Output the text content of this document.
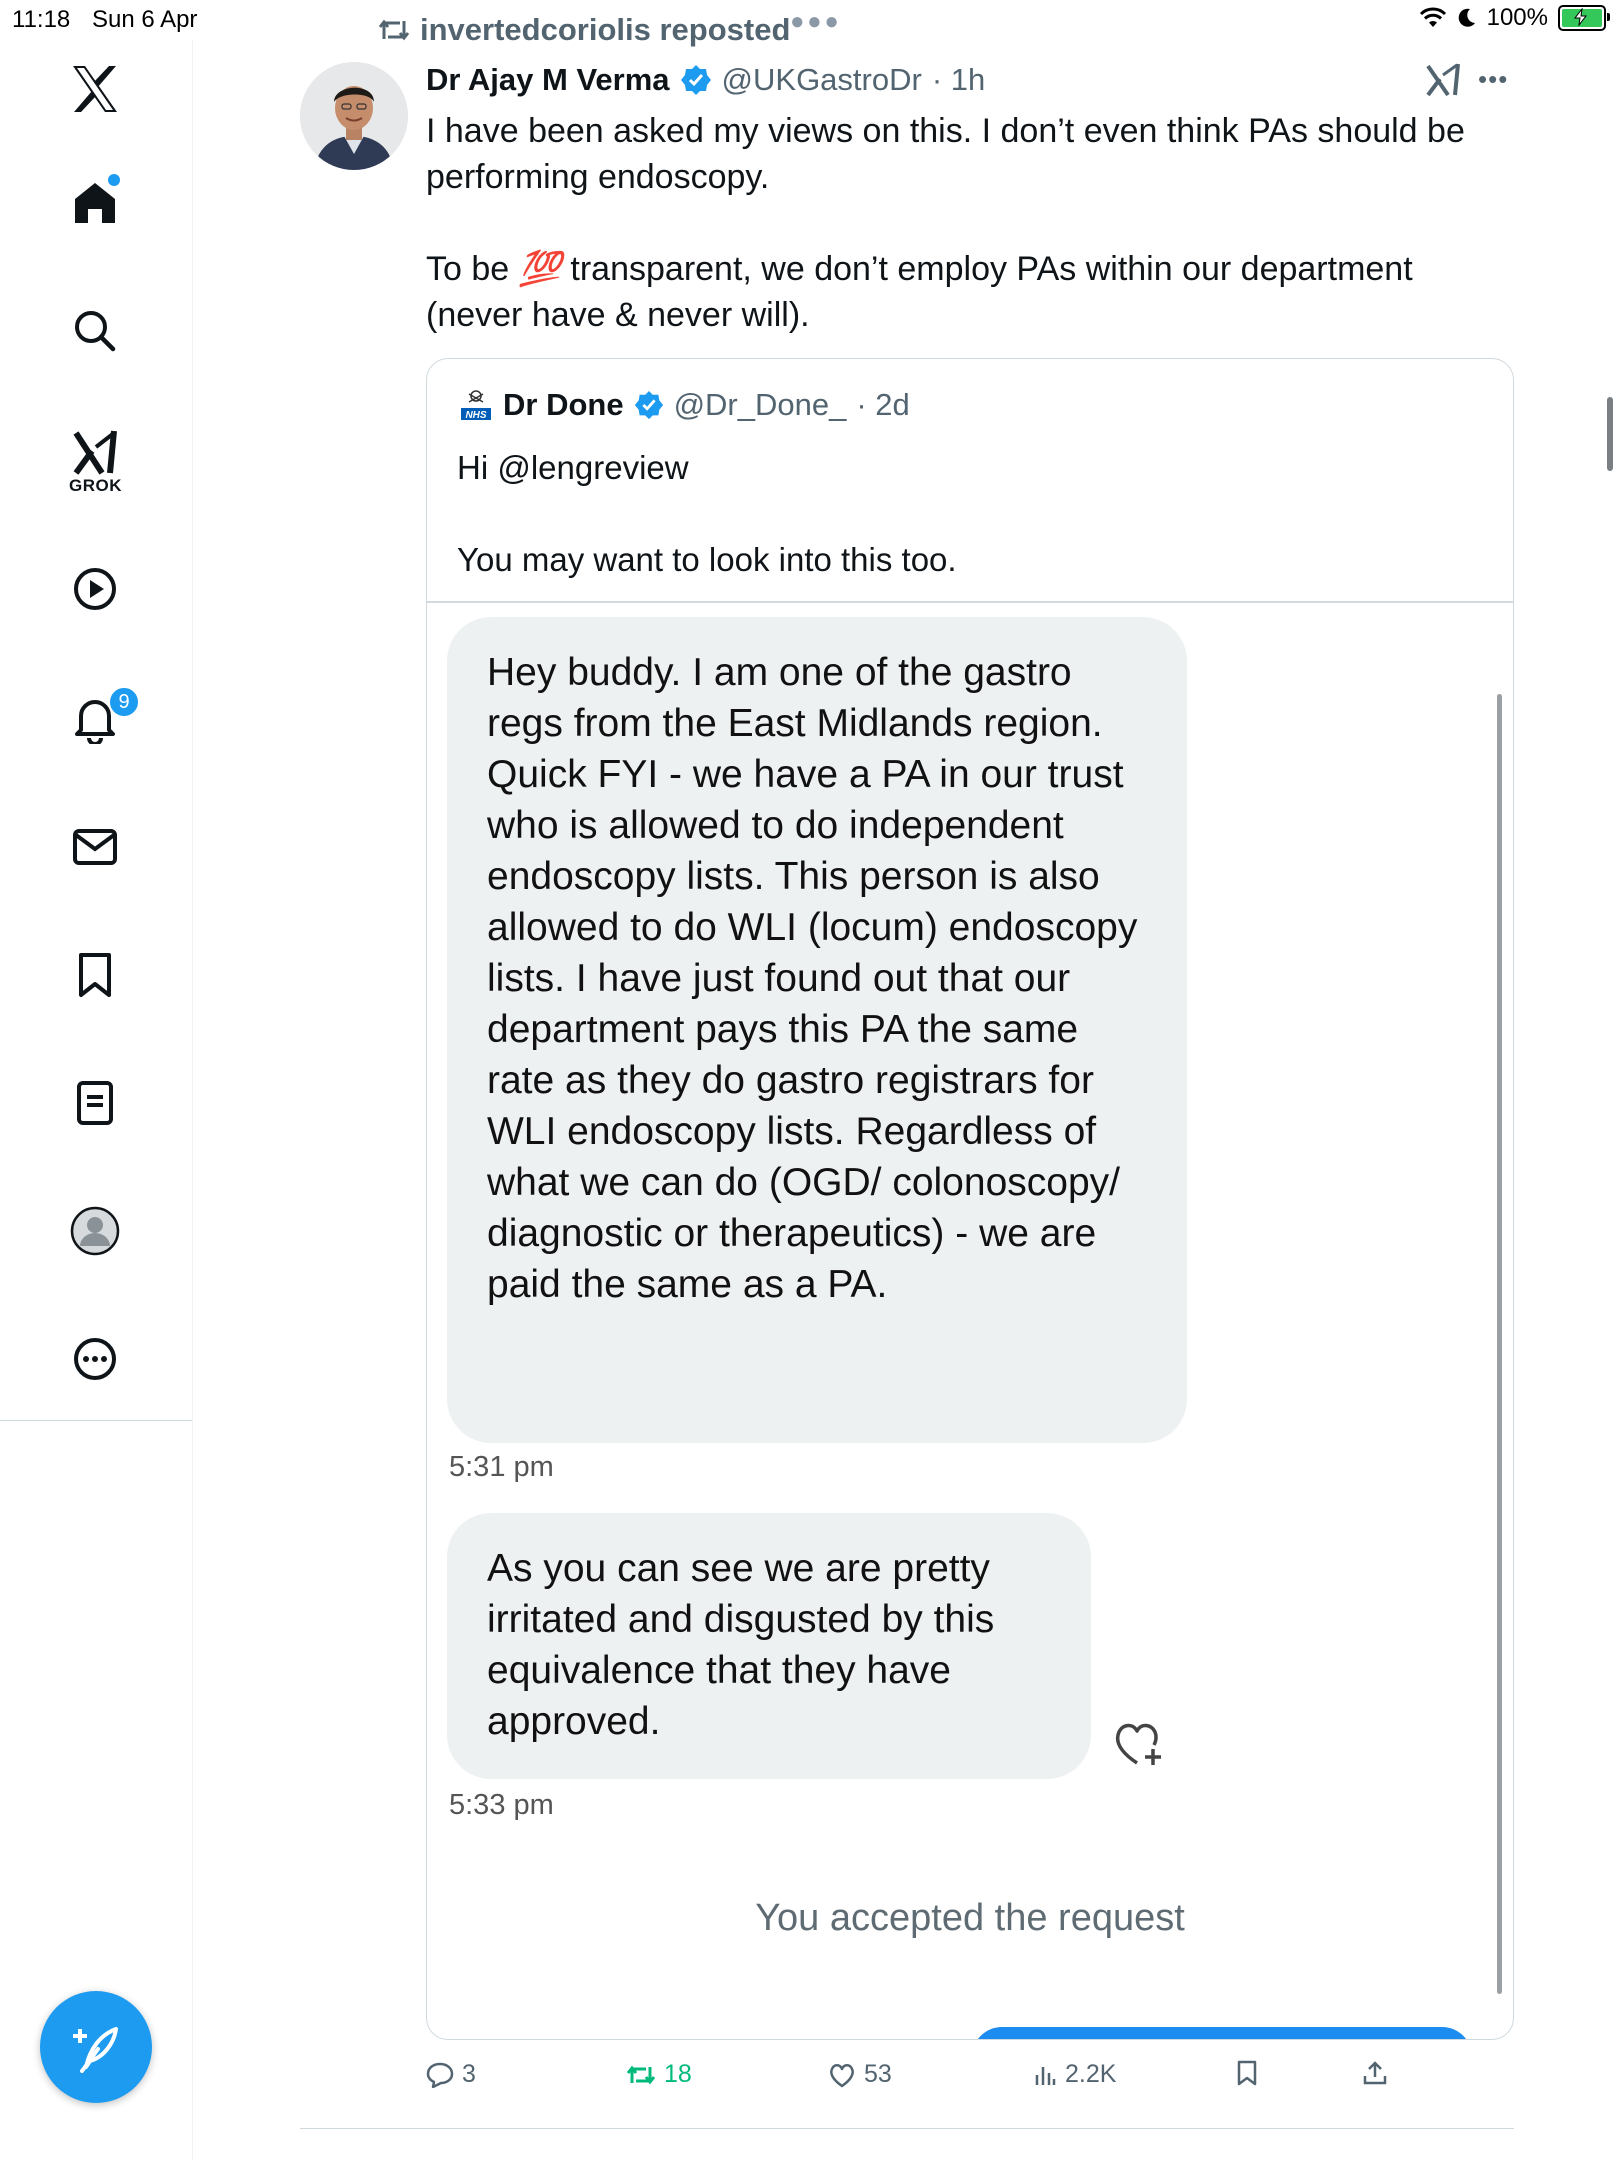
11:18 Sun 6 Apr	100%
GROK
9
invertedcoriolis reposted ● ● ●
Dr Ajay M Verma @UKGastroDr · 1h	•••

I have been asked my views on this. I don’t even think PAs should be performing endoscopy.

To be 💯 transparent, we don’t employ PAs within our department (never have & never will).

NHS Dr Done @Dr_Done_ · 2d

Hi @lengreview

You may want to look into this too.

Hey buddy. I am one of the gastro regs from the East Midlands region. Quick FYI - we have a PA in our trust who is allowed to do independent endoscopy lists. This person is also allowed to do WLI (locum) endoscopy lists. I have just found out that our department pays this PA the same rate as they do gastro registrars for WLI endoscopy lists. Regardless of what we can do (OGD/ colonoscopy/ diagnostic or therapeutics) - we are paid the same as a PA.
5:31 pm
As you can see we are pretty irritated and disgusted by this equivalence that they have approved.
5:33 pm
You accepted the request
3	18	53	2.2K
